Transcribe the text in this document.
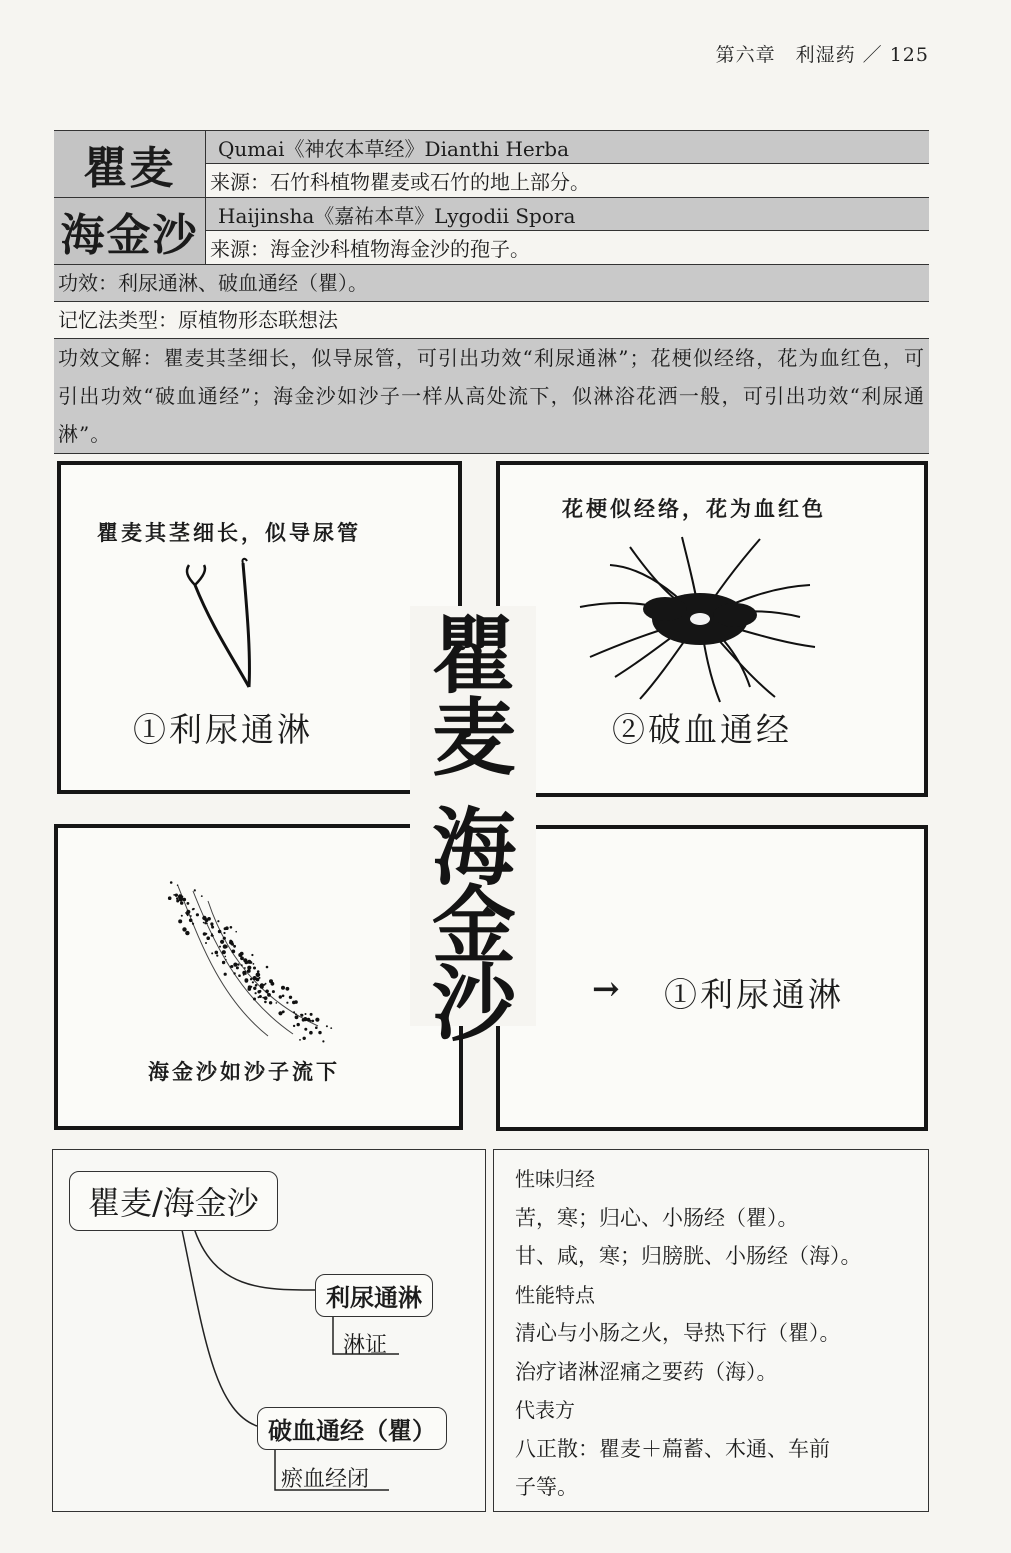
第六章　利湿药 ／ 125
瞿麦	Qumai《神农本草经》Dianthi Herba
来源：石竹科植物瞿麦或石竹的地上部分。
海金沙 Haijinsha《嘉祐本草》Lygodii Spora
来源：海金沙科植物海金沙的孢子。
功效：利尿通淋、破血通经（瞿）。
记忆法类型：原植物形态联想法
功效文解：瞿麦其茎细长，似导尿管，可引出功效“利尿通淋”；花梗似经络，花为血红色，可引出功效“破血通经”；海金沙如沙子一样从高处流下，似淋浴花洒一般，可引出功效“利尿通淋”。
瞿麦其茎细长，似导尿管
①利尿通淋
花梗似经络，花为血红色
②破血通经
海金沙如沙子流下
→ ①利尿通淋
瞿
麦
海
金
沙
瞿麦/海金沙
利尿通淋
淋证
破血通经（瞿）
瘀血经闭
性味归经
苦，寒；归心、小肠经（瞿）。
甘、咸，寒；归膀胱、小肠经（海）。
性能特点
清心与小肠之火，导热下行（瞿）。
治疗诸淋涩痛之要药（海）。
代表方
八正散：瞿麦＋萹蓄、木通、车前
子等。
